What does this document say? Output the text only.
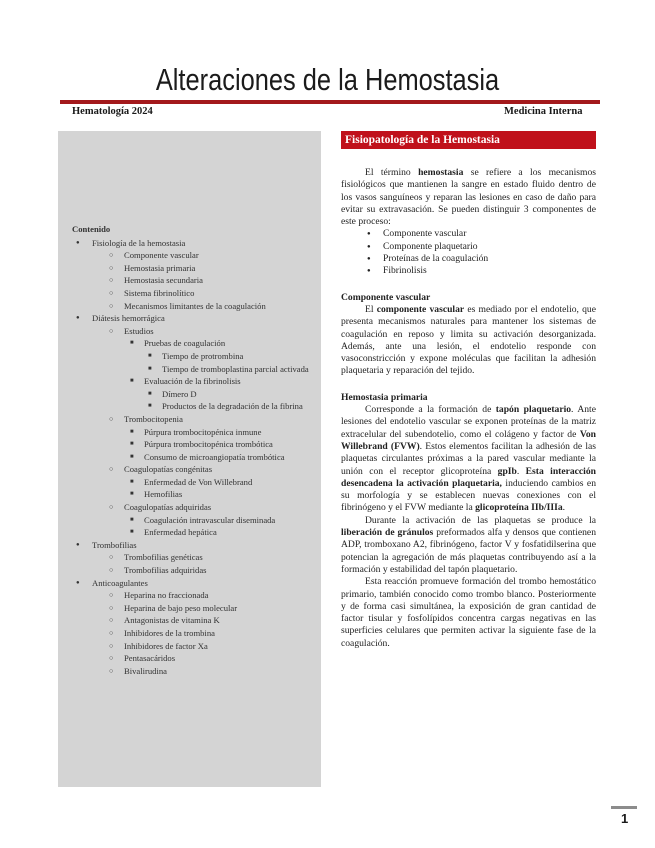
Alteraciones de la Hemostasia
Hematología 2024	Medicina Interna
Contenido
● Fisiología de la hemostasia
○ Componente vascular
○ Hemostasia primaria
○ Hemostasia secundaria
○ Sistema fibrinolítico
○ Mecanismos limitantes de la coagulación
● Diátesis hemorrágica
○ Estudios
■ Pruebas de coagulación
■ Tiempo de protrombina
■ Tiempo de tromboplastina parcial activada
■ Evaluación de la fibrinolisis
■ Dímero D
■ Productos de la degradación de la fibrina
○ Trombocitopenia
■ Púrpura trombocitopénica inmune
■ Púrpura trombocitopénica trombótica
■ Consumo de microangiopatía trombótica
○ Coagulopatías congénitas
■ Enfermedad de Von Willebrand
■ Hemofilias
○ Coagulopatías adquiridas
■ Coagulación intravascular diseminada
■ Enfermedad hepática
● Trombofilias
○ Trombofilias genéticas
○ Trombofilias adquiridas
● Anticoagulantes
○ Heparina no fraccionada
○ Heparina de bajo peso molecular
○ Antagonistas de vitamina K
○ Inhibidores de la trombina
○ Inhibidores de factor Xa
○ Pentasacáridos
○ Bivalirudina
Fisiopatología de la Hemostasia

El término hemostasia se refiere a los mecanismos fisiológicos que mantienen la sangre en estado fluido dentro de los vasos sanguíneos y reparan las lesiones en caso de daño para evitar su extravasación. Se pueden distinguir 3 componentes de este proceso:

● Componente vascular
● Componente plaquetario
● Proteínas de la coagulación
● Fibrinolisis

Componente vascular

El componente vascular es mediado por el endotelio, que presenta mecanismos naturales para mantener los sistemas de coagulación en reposo y limita su activación desorganizada. Además, ante una lesión, el endotelio responde con vasoconstricción y expone moléculas que facilitan la adhesión plaquetaria y reparación del tejido.

Hemostasia primaria

Corresponde a la formación de tapón plaquetario. Ante lesiones del endotelio vascular se exponen proteínas de la matriz extracelular del subendotelio, como el colágeno y factor de Von Willebrand (FVW). Estos elementos facilitan la adhesión de las plaquetas circulantes próximas a la pared vascular mediante la unión con el receptor glicoproteína gpIb. Esta interacción desencadena la activación plaquetaria, induciendo cambios en su morfología y se establecen nuevas conexiones con el fibrinógeno y el FVW mediante la glicoproteína IIb/IIIa.

Durante la activación de las plaquetas se produce la liberación de gránulos preformados alfa y densos que contienen ADP, tromboxano A2, fibrinógeno, factor V y fosfatidilserina que potencian la agregación de más plaquetas contribuyendo así a la formación y estabilidad del tapón plaquetario.

Esta reacción promueve formación del trombo hemostático primario, también conocido como trombo blanco. Posteriormente y de forma casi simultánea, la exposición de gran cantidad de factor tisular y fosfolípidos concentra cargas negativas en las superficies celulares que permiten activar la siguiente fase de la coagulación.

1
